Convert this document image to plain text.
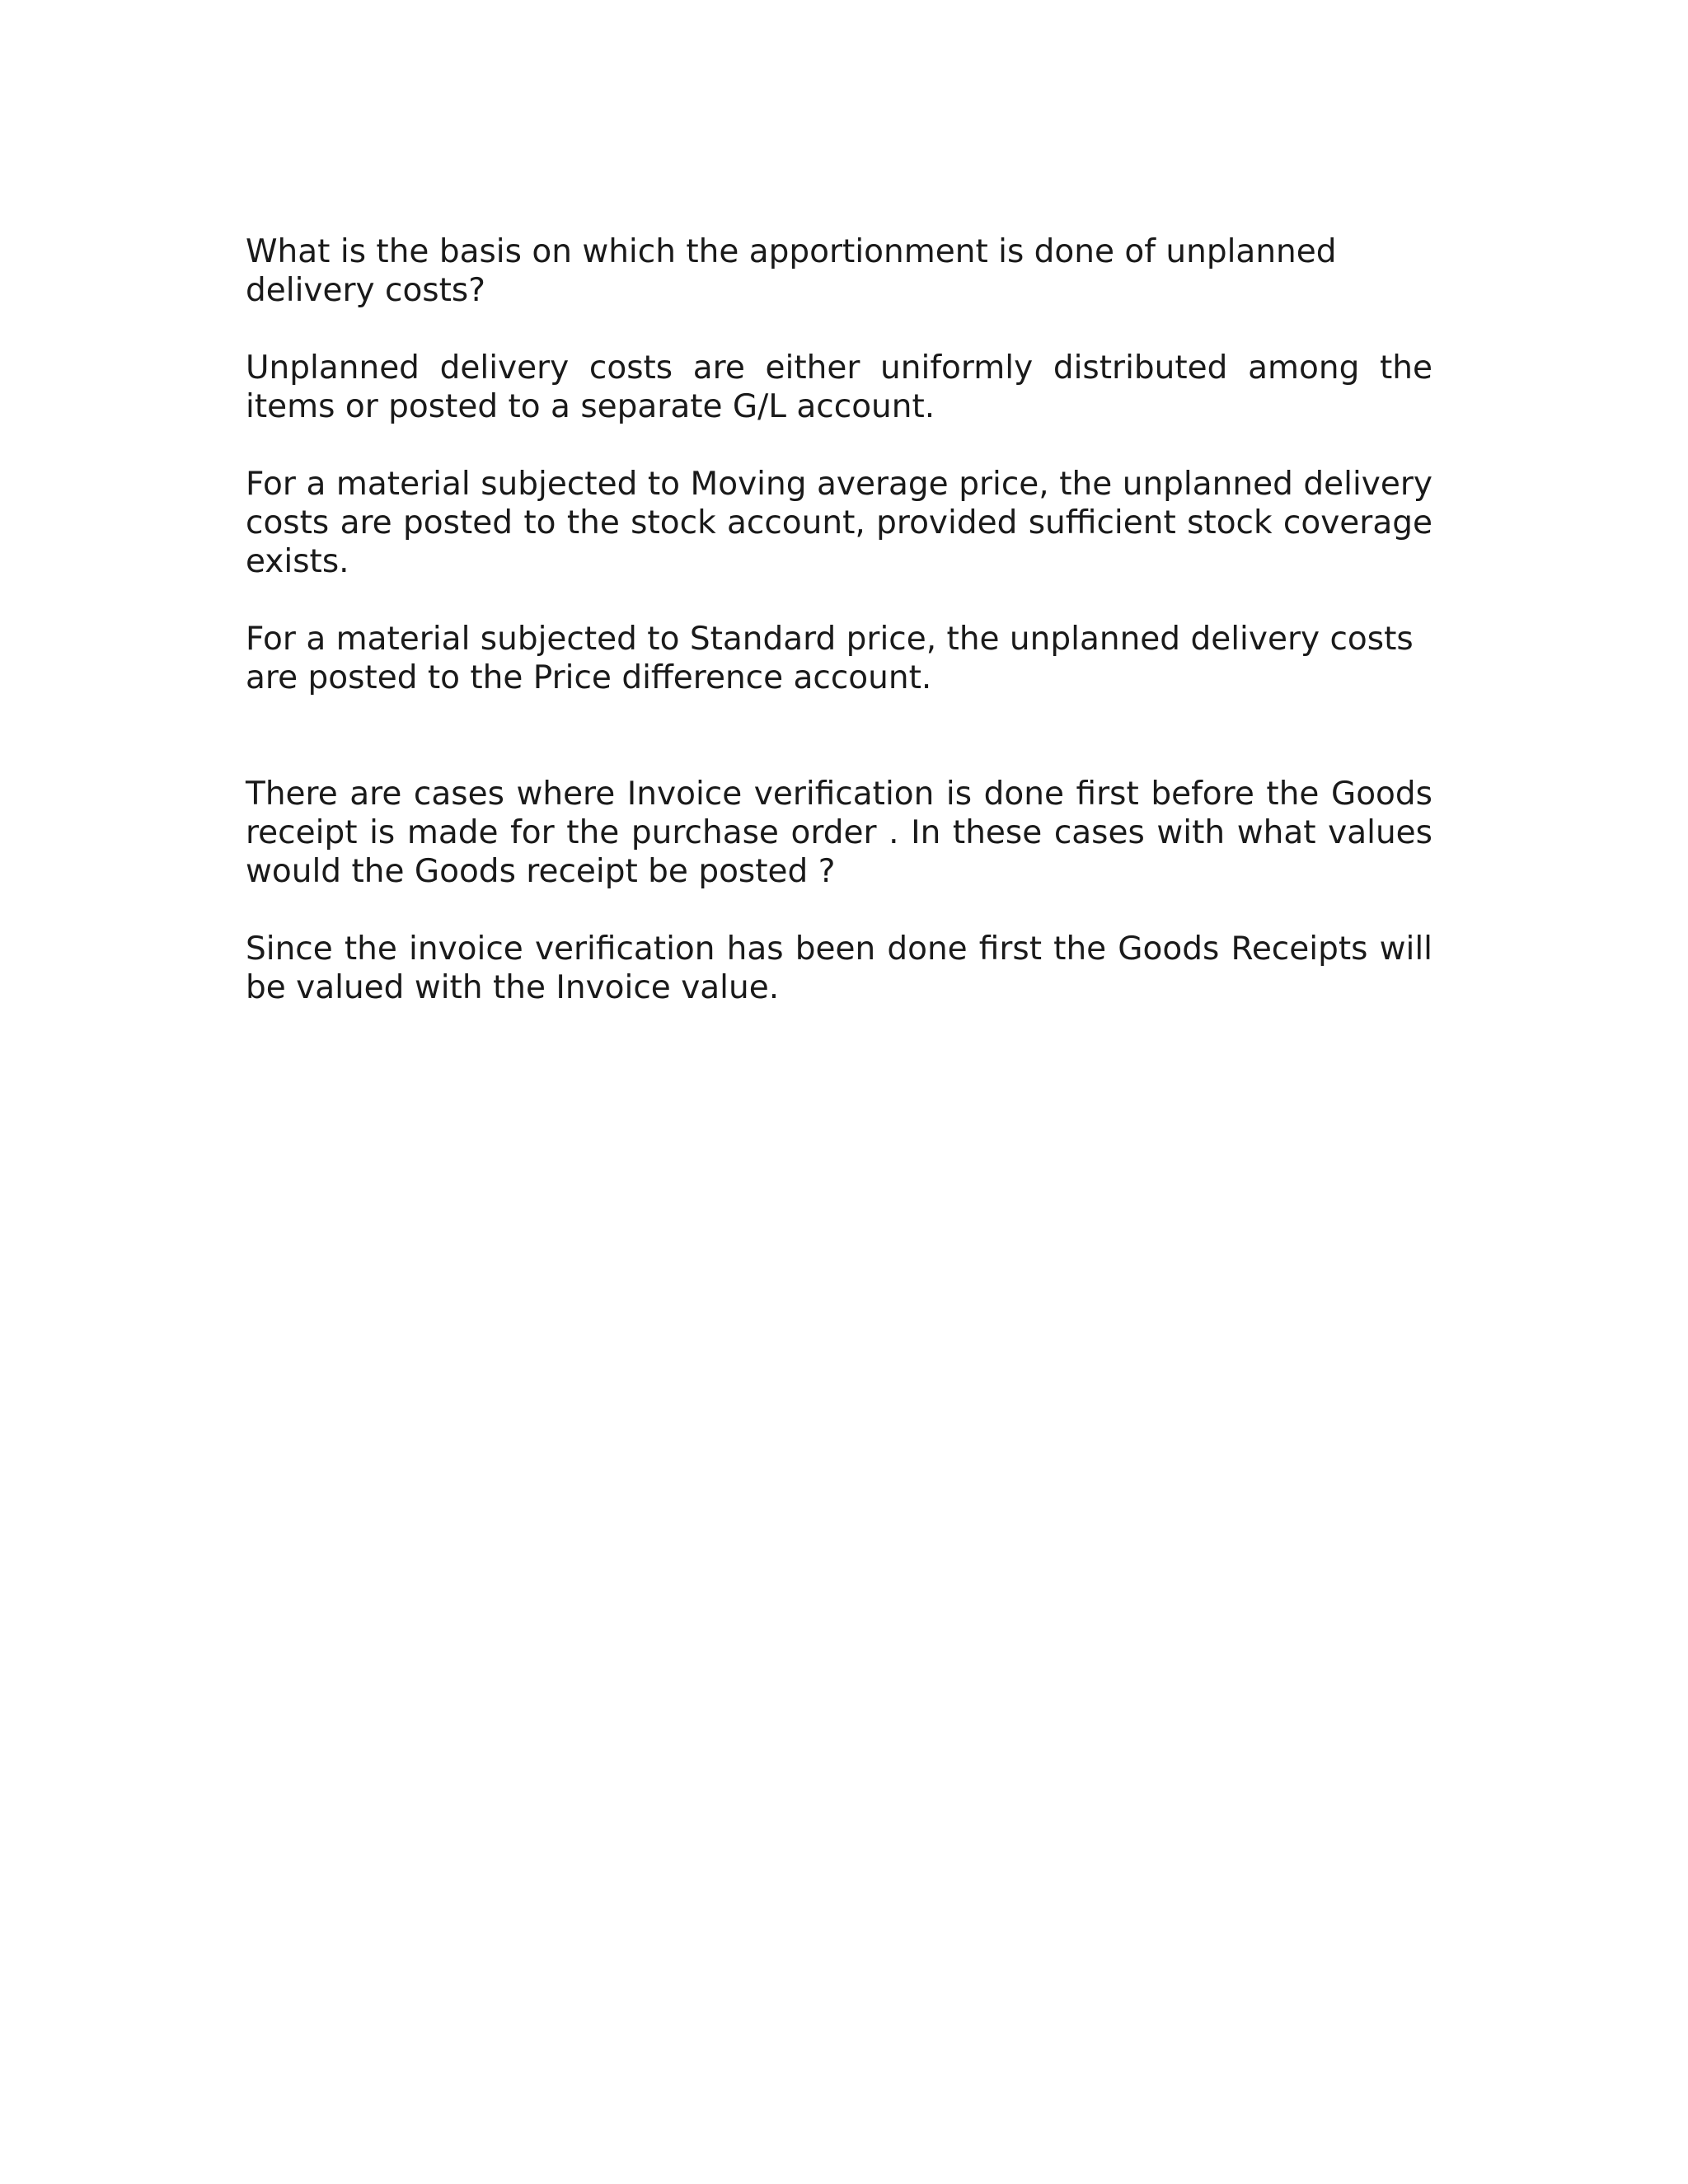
What is the basis on which the apportionment is done of unplanned delivery costs?

Unplanned delivery costs are either uniformly distributed among the items or posted to a separate G/L account.

For a material subjected to Moving average price, the unplanned delivery costs are posted to the stock account, provided sufficient stock coverage exists.

For a material subjected to Standard price, the unplanned delivery costs are posted to the Price difference account.

There are cases where Invoice verification is done first before the Goods receipt is made for the purchase order . In these cases with what values would the Goods receipt be posted ?

Since the invoice verification has been done first the Goods Receipts will be valued with the Invoice value.
